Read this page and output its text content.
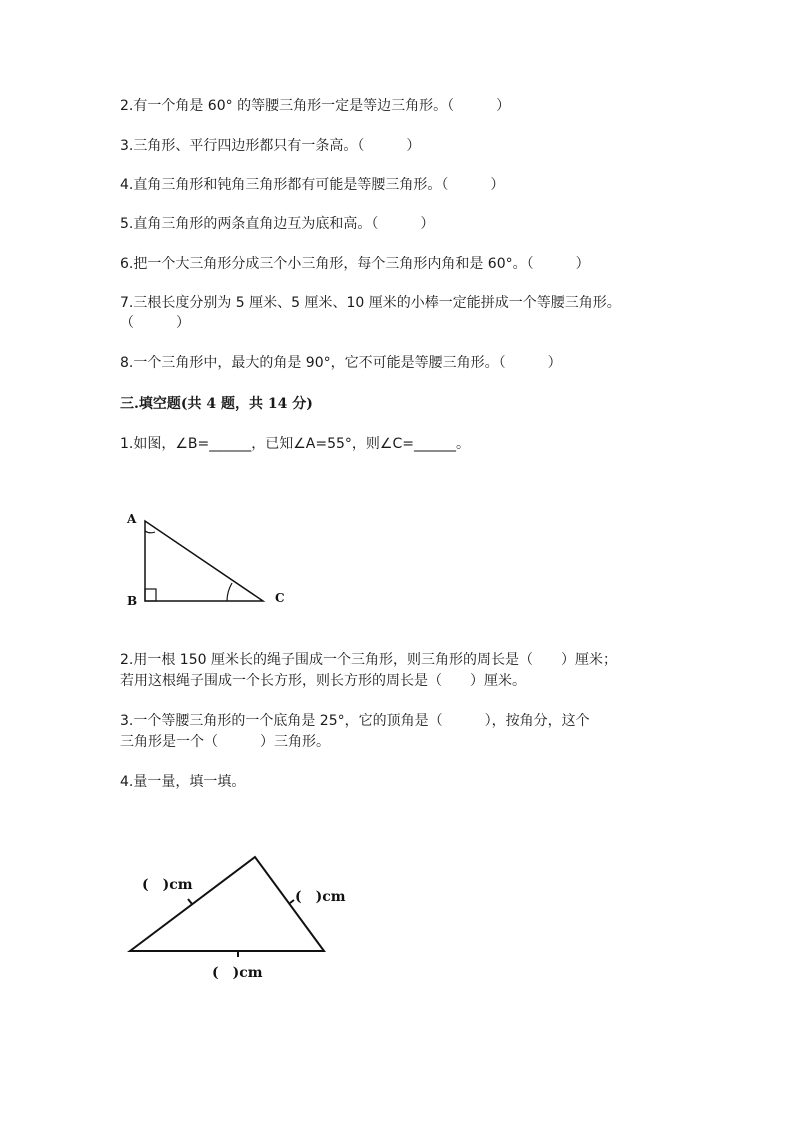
2.有一个角是 60° 的等腰三角形一定是等边三角形。（　　　）
3.三角形、平行四边形都只有一条高。（　　　）
4.直角三角形和钝角三角形都有可能是等腰三角形。（　　　）
5.直角三角形的两条直角边互为底和高。（　　　）
6.把一个大三角形分成三个小三角形，每个三角形内角和是 60°。（　　　）
7.三根长度分别为 5 厘米、5 厘米、10 厘米的小棒一定能拼成一个等腰三角形。
（　　　）
8.一个三角形中，最大的角是 90°，它不可能是等腰三角形。（　　　）
三.填空题(共 4 题，共 14 分)
1.如图，∠B=______，已知∠A=55°，则∠C=______。
A
B	C
2.用一根 150 厘米长的绳子围成一个三角形，则三角形的周长是（　　）厘米；
若用这根绳子围成一个长方形，则长方形的周长是（　　）厘米。
3.一个等腰三角形的一个底角是 25°，它的顶角是（　　　），按角分，这个
三角形是一个（　　　）三角形。
4.量一量，填一填。
(　)cm
(　)cm
(　)cm
